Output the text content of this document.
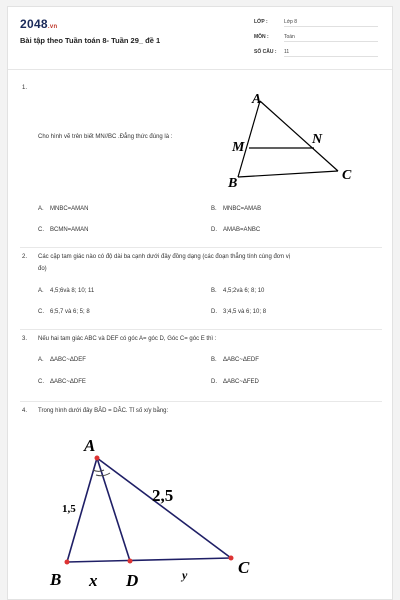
2048.vn
Bài tập theo Tuần toán 8- Tuần 29_ đề 1
LỚP :	Lớp 8
MÔN :	Toán
SỐ CÂU :	11
1.
Cho hình vẽ trên biết MN//BC .Đẳng thức đúng là :
A
M
N
B
C
A. MNBC=AMAN	B. MNBC=AMAB
C. BCMN=AMAN	D. AMAB=ANBC
2. Các cặp tam giác nào có độ dài ba cạnh dưới đây đồng dạng (các đoạn thẳng tính cùng đơn vị
đo)
A. 4,5;6và 8; 10; 11	B. 4,5;2và 6; 8; 10
C. 6;5,7 và 6; 5; 8	D. 3;4,5 và 6; 10; 8
3. Nếu hai tam giác ABC và DEF có góc A= góc D, Góc C= góc E thì :
A. ΔABC~ΔDEF	B. ΔABC~ΔEDF
C. ΔABC~ΔDFE	D. ΔABC~ΔFED
4. Trong hình dưới đây BÂD = DÂC. Tỉ số x/y bằng:
A
B
C
D
1,5
2,5
x	y
